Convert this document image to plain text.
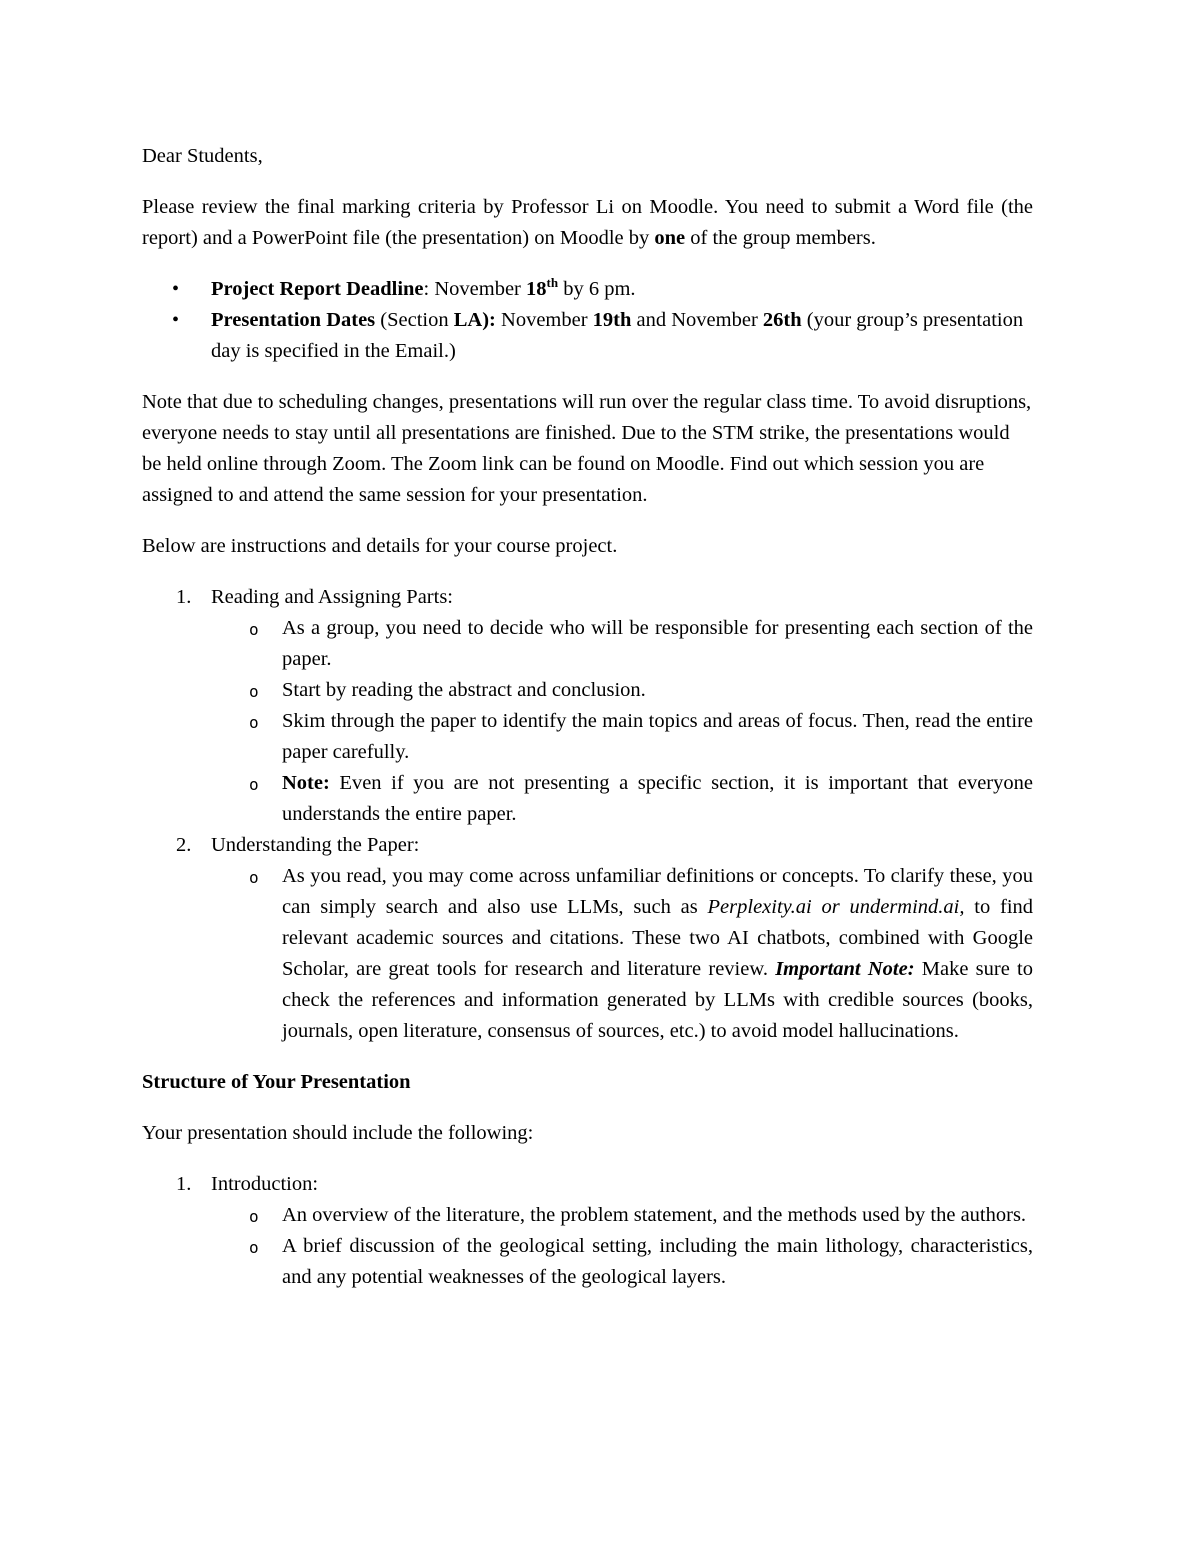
Dear Students,

Please review the final marking criteria by Professor Li on Moodle. You need to submit a Word file (the report) and a PowerPoint file (the presentation) on Moodle by one of the group members.

• Project Report Deadline: November 18th by 6 pm.
• Presentation Dates (Section LA): November 19th and November 26th (your group’s presentation day is specified in the Email.)

Note that due to scheduling changes, presentations will run over the regular class time. To avoid disruptions, everyone needs to stay until all presentations are finished. Due to the STM strike, the presentations would be held online through Zoom. The Zoom link can be found on Moodle. Find out which session you are assigned to and attend the same session for your presentation.

Below are instructions and details for your course project.

1. Reading and Assigning Parts:
o As a group, you need to decide who will be responsible for presenting each section of the paper.
o Start by reading the abstract and conclusion.
o Skim through the paper to identify the main topics and areas of focus. Then, read the entire paper carefully.
o Note: Even if you are not presenting a specific section, it is important that everyone understands the entire paper.
2. Understanding the Paper:
o As you read, you may come across unfamiliar definitions or concepts. To clarify these, you can simply search and also use LLMs, such as Perplexity.ai or undermind.ai, to find relevant academic sources and citations. These two AI chatbots, combined with Google Scholar, are great tools for research and literature review. Important Note: Make sure to check the references and information generated by LLMs with credible sources (books, journals, open literature, consensus of sources, etc.) to avoid model hallucinations.

Structure of Your Presentation

Your presentation should include the following:

1. Introduction:
o An overview of the literature, the problem statement, and the methods used by the authors.
o A brief discussion of the geological setting, including the main lithology, characteristics, and any potential weaknesses of the geological layers.
